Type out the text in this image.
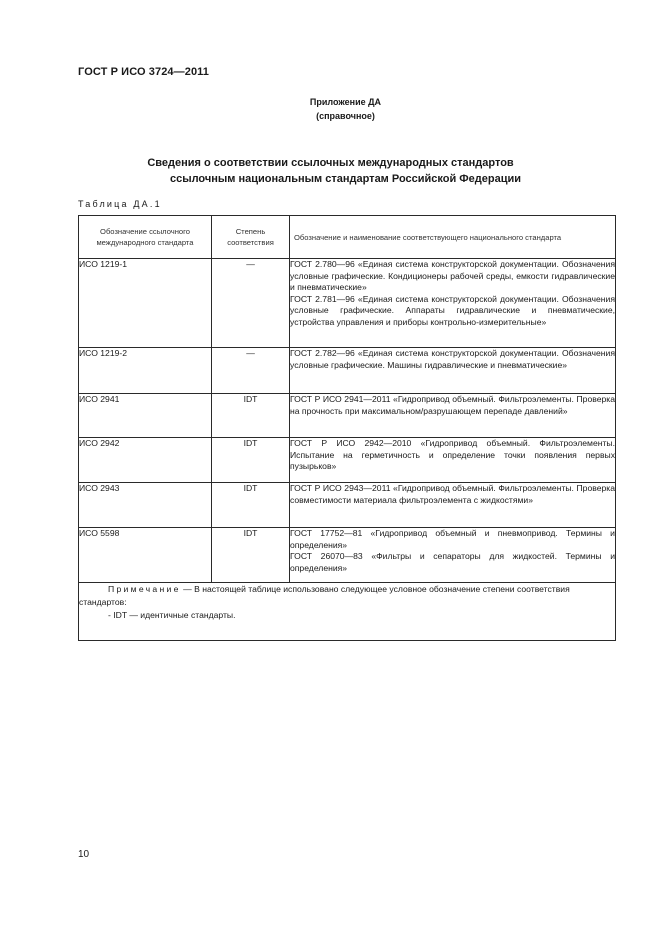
ГОСТ Р ИСО 3724—2011
Приложение ДА
(справочное)
Сведения о соответствии ссылочных международных стандартов
ссылочным национальным стандартам Российской Федерации
Таблица ДА.1
Обозначение ссылочного международного стандарта	Степень соответствия	Обозначение и наименование соответствующего национального стандарта
ИСО 1219-1	—	ГОСТ 2.780—96 «Единая система конструкторской документации. Обозначения условные графические. Кондиционеры рабочей среды, емкости гидравлические и пневматические»
ГОСТ 2.781—96 «Единая система конструкторской документации. Обозначения условные графические. Аппараты гидравлические и пневматические, устройства управления и приборы контрольно-измерительные»

ИСО 1219-2	—	ГОСТ 2.782—96 «Единая система конструкторской документации. Обозначения условные графические. Машины гидравлические и пневматические»

ИСО 2941	IDT	ГОСТ Р ИСО 2941—2011 «Гидропривод объемный. Фильтроэлементы. Проверка на прочность при максимальном/разрушающем перепаде давлений»

ИСО 2942	IDT	ГОСТ Р ИСО 2942—2010 «Гидропривод объемный. Фильтроэлементы. Испытание на герметичность и определение точки появления первых пузырьков»

ИСО 2943	IDT	ГОСТ Р ИСО 2943—2011 «Гидропривод объемный. Фильтроэлементы. Проверка совместимости материала фильтроэлемента с жидкостями»

ИСО 5598	IDT	ГОСТ 17752—81 «Гидропривод объемный и пневмопривод. Термины и определения»
ГОСТ 26070—83 «Фильтры и сепараторы для жидкостей. Термины и определения»

Примечание — В настоящей таблице использовано следующее условное обозначение степени соответствия стандартов:
- IDT — идентичные стандарты.		
10
